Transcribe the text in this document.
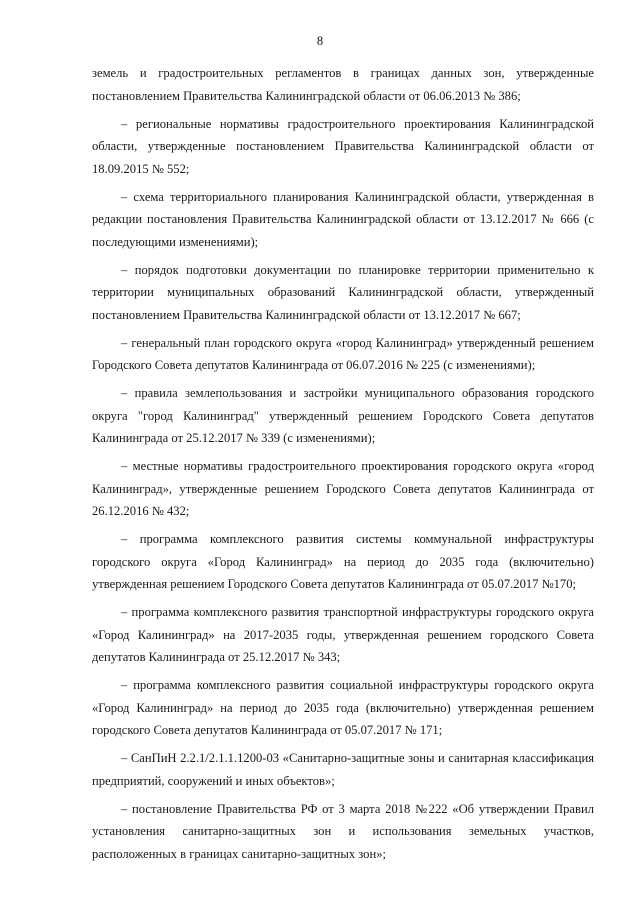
8

земель и градостроительных регламентов в границах данных зон, утвержденные постановлением Правительства Калининградской области от 06.06.2013 № 386;

– региональные нормативы градостроительного проектирования Калининградской области, утвержденные постановлением Правительства Калининградской области от 18.09.2015 № 552;

– схема территориального планирования Калининградской области, утвержденная в редакции постановления Правительства Калининградской области от 13.12.2017 № 666 (с последующими изменениями);

– порядок подготовки документации по планировке территории применительно к территории муниципальных образований Калининградской области, утвержденный постановлением Правительства Калининградской области от 13.12.2017 № 667;

– генеральный план городского округа «город Калининград» утвержденный решением Городского Совета депутатов Калининграда от 06.07.2016 № 225 (с изменениями);

– правила землепользования и застройки муниципального образования городского округа "город Калининград" утвержденный решением Городского Совета депутатов Калининграда от 25.12.2017 № 339 (с изменениями);

– местные нормативы градостроительного проектирования городского округа «город Калининград», утвержденные решением Городского Совета депутатов Калининграда от 26.12.2016 № 432;

– программа комплексного развития системы коммунальной инфраструктуры городского округа «Город Калининград» на период до 2035 года (включительно) утвержденная решением Городского Совета депутатов Калининграда от 05.07.2017 №170;

– программа комплексного развития транспортной инфраструктуры городского округа «Город Калининград» на 2017-2035 годы, утвержденная решением городского Совета депутатов Калининграда от 25.12.2017 № 343;

– программа комплексного развития социальной инфраструктуры городского округа «Город Калининград» на период до 2035 года (включительно) утвержденная решением городского Совета депутатов Калининграда от 05.07.2017 № 171;

– СанПиН 2.2.1/2.1.1.1200-03 «Санитарно-защитные зоны и санитарная классификация предприятий, сооружений и иных объектов»;

– постановление Правительства РФ от 3 марта 2018 №222 «Об утверждении Правил установления санитарно-защитных зон и использования земельных участков, расположенных в границах санитарно-защитных зон»;
